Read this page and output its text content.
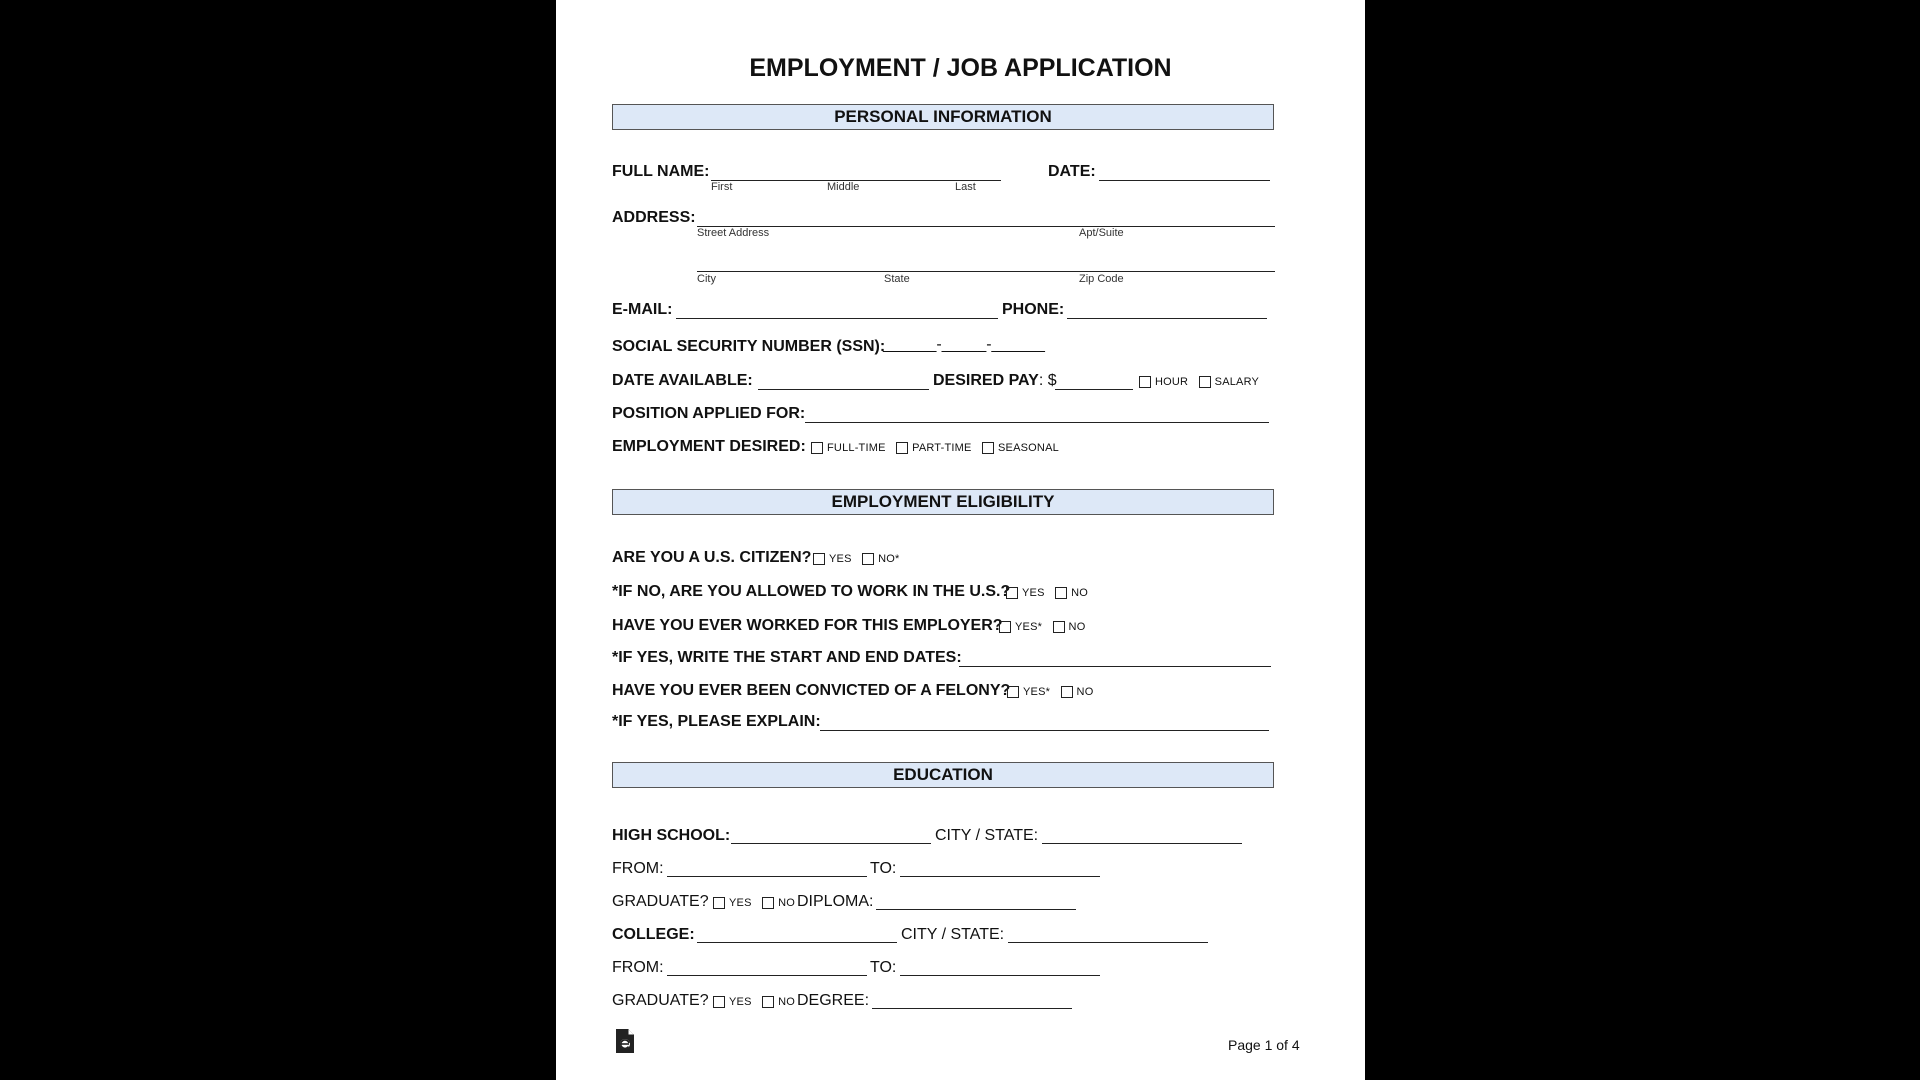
EMPLOYMENT / JOB APPLICATION
PERSONAL INFORMATION
FULL NAME:
First	Middle	Last
DATE:
ADDRESS:
Street Address	Apt/Suite
City	State	Zip Code
E-MAIL:	PHONE:
SOCIAL SECURITY NUMBER (SSN):
______-_____-______
DATE AVAILABLE:	DESIRED PAY: $	HOUR SALARY
POSITION APPLIED FOR:
EMPLOYMENT DESIRED:	FULL-TIME PART-TIME SEASONAL
EMPLOYMENT ELIGIBILITY
ARE YOU A U.S. CITIZEN?	YES NO*
*IF NO, ARE YOU ALLOWED TO WORK IN THE U.S.?	YES NO
HAVE YOU EVER WORKED FOR THIS EMPLOYER?	YES* NO
*IF YES, WRITE THE START AND END DATES:
HAVE YOU EVER BEEN CONVICTED OF A FELONY?	YES* NO
*IF YES, PLEASE EXPLAIN:
EDUCATION
HIGH SCHOOL:	CITY / STATE:
FROM:	TO:
GRADUATE?	YES NO DIPLOMA:
COLLEGE:	CITY / STATE:
FROM:	TO:
GRADUATE?	YES NO DEGREE:
Page 1 of 4
